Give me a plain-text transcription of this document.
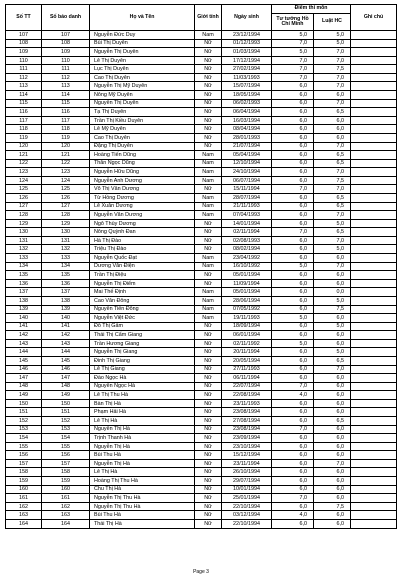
Số TT	Số báo danh	Họ và Tên	Giới tính	Ngày sinh	Điểm thi môn		Ghi chú
					Tư tưởng Hồ Chí Minh	Luật HC	
107	107	Nguyễn Đức Duy	Nam	23/12/1994	5,0	5,0	
108	108	Bùi Thị Duyên	Nữ	01/12/1993	7,0	5,0	
109	109	Nguyễn Thị Duyên	Nữ	01/03/1994	5,0	7,0	
110	110	Lê Thị Duyên	Nữ	17/12/1994	7,0	7,0	
111	111	Lục Thị Duyên	Nữ	27/02/1994	7,0	7,5	
112	112	Cao Thị Duyên	Nữ	11/03/1993	7,0	7,0	
113	113	Nguyễn Thị Mỹ Duyên	Nữ	15/07/1994	6,0	7,0	
114	114	Nông Mỹ Duyên	Nữ	18/05/1994	6,0	6,0	
115	115	Nguyễn Thị Duyên	Nữ	06/02/1993	6,0	7,0	
116	116	Tạ Thị Duyên	Nữ	06/04/1994	6,0	6,5	
117	117	Trần Thị Kiều Duyên	Nữ	16/03/1994	6,0	6,0	
118	118	Lê Mỹ Duyên	Nữ	08/04/1994	6,0	6,0	
119	119	Cao Thị Duyên	Nữ	28/01/1993	6,0	6,0	
120	120	Đặng Thị Duyên	Nữ	21/07/1994	6,0	7,0	
121	121	Hoàng Tiến Dũng	Nam	05/04/1994	6,0	6,5	
122	122	Thân Ngọc Dũng	Nam	12/10/1994	6,0	6,5	
123	123	Nguyễn Hữu Dũng	Nam	24/10/1994	6,0	7,0	
124	124	Nguyễn Anh Dương	Nam	06/07/1994	6,0	7,5	
125	125	Võ Thị Vân Dương	Nữ	15/11/1994	7,0	7,0	
126	126	Từ Hồng Dương	Nam	28/07/1994	6,0	6,5	
127	127	Lê Xuân Dương	Nam	21/11/1993	6,0	6,5	
128	128	Nguyễn Văn Dương	Nam	07/04/1993	6,0	7,0	
129	129	Ngô Thùy Dương	Nữ	14/01/1994	6,0	5,0	
130	130	Nông Quỳnh Đan	Nữ	02/11/1994	7,0	6,5	
131	131	Hà Thị Đào	Nữ	02/08/1993	6,0	7,0	
132	132	Triệu Thị Đào	Nữ	08/02/1994	6,0	5,0	
133	133	Nguyễn Quốc Đạt	Nam	23/04/1992	6,0	6,0	
134	134	Dương Văn Điện	Nam	16/10/1992	5,0	7,0	
135	135	Trần Thị Điệu	Nữ	05/01/1994	6,0	6,0	
136	136	Nguyễn Thị Điểm	Nữ	11/09/1994	6,0	6,0	
137	137	Mai Thế Định	Nam	05/01/1994	6,0	0,0	
138	138	Cao Văn Đông	Nam	28/06/1994	6,0	5,0	
139	139	Nguyễn Tiến Đông	Nam	07/05/1992	6,0	7,5	
140	140	Nguyễn Việt Đức	Nam	19/11/1993	5,0	6,0	
141	141	Đỗ Thị Gấm	Nữ	18/09/1994	6,0	5,0	
142	142	Thái Thị Cẩm Giang	Nữ	06/01/1994	6,0	6,0	
143	143	Trần Hương Giang	Nữ	02/11/1992	5,0	6,0	
144	144	Nguyễn Thị Giang	Nữ	20/11/1994	6,0	5,0	
145	145	Đinh Thị Giang	Nữ	20/05/1994	6,0	6,5	
146	146	Lê Thị Giang	Nữ	27/11/1993	6,0	7,0	
147	147	Đào Ngọc Hà	Nữ	06/11/1994	6,0	6,0	
148	148	Nguyễn Ngọc Hà	Nữ	22/07/1994	7,0	6,0	
149	149	Lê Thị Thu Hà	Nữ	22/08/1994	4,0	6,0	
150	150	Bàn Thị Hà	Nữ	23/11/1993	6,0	6,0	
151	151	Phạm Hải Hà	Nữ	23/08/1994	6,0	6,0	
152	152	Lê Thị Hà	Nữ	27/08/1994	6,0	6,5	
153	153	Nguyễn Thị Hà	Nữ	23/08/1994	7,0	6,0	
154	154	Trịnh Thanh Hà	Nữ	23/09/1994	6,0	6,0	
155	155	Nguyễn Thị Hà	Nữ	23/10/1994	6,0	6,0	
156	156	Bùi Thu Hà	Nữ	15/12/1994	6,0	6,0	
157	157	Nguyễn Thị Hà	Nữ	23/11/1994	6,0	7,0	
158	158	Lê Thị Hà	Nữ	26/10/1994	6,0	6,0	
159	159	Hoàng Thị Thu Hà	Nữ	29/07/1994	6,0	6,0	
160	160	Chu Thị Hà	Nữ	10/01/1994	6,0	6,0	
161	161	Nguyễn Thị Thu Hà	Nữ	25/01/1994	7,0	6,0	
162	162	Nguyễn Thị Thu Hà	Nữ	22/10/1994	6,0	7,5	
163	163	Bùi Thu Hà	Nữ	03/12/1994	4,0	6,0	
164	164	Thái Thị Hà	Nữ	22/10/1994	6,0	6,0	
Page 3
